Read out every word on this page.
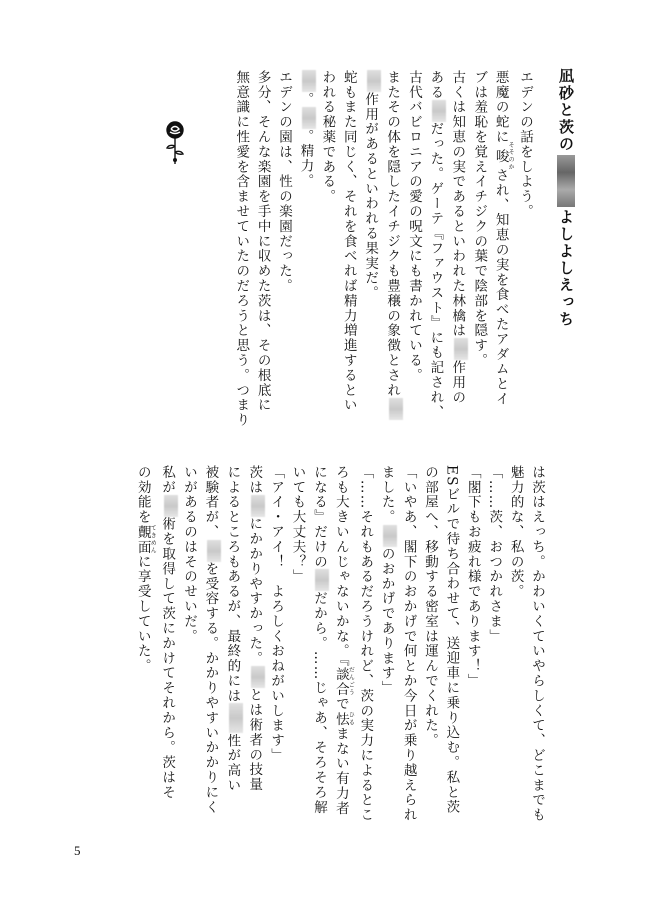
凪砂と茨のよしよしえっち
エデンの話をしよう。
悪魔の蛇に唆そそのかされ、知恵の実を食べたアダムとイ
ブは羞恥を覚えイチジクの葉で陰部を隠す。
古くは知恵の実であるといわれた林檎は作用の
あるだった。ゲーテ『ファウスト』にも記され、
古代バビロニアの愛の呪文にも書かれている。
またその体を隠したイチジクも豊穣の象徴とされ
作用があるといわれる果実だ。
蛇もまた同じく、それを食べれば精力増進するとい
われる秘薬である。
。。精力。
エデンの園は、性の楽園だった。
多分、そんな楽園を手中に収めた茨は、その根底に
無意識に性愛を含ませていたのだろうと思う。つまり
は茨はえっち。かわいくていやらしくて、どこまでも
魅力的な、私の茨。
「……茨、おつかれさま」
「閣下もお疲れ様であります！」
ESビルで待ち合わせて、送迎車に乗り込む。私と茨
の部屋へ、移動する密室は運んでくれた。
「いやあ、閣下のおかげで何とか今日が乗り越えられ
ました。のおかげであります」
「……それもあるだろうけれど、茨の実力によるとこ
ろも大きいんじゃないかな。『談合だんごうで怯ひるまない有力者
になる』だけのだから。……じゃあ、そろそろ解
いても大丈夫？」
「アイ・アイ！　よろしくおねがいします」
茨はにかかりやすかった。とは術者の技量
によるところもあるが、最終的には性が高い
被験者が、を受容する。かかりやすいかかりにく
いがあるのはそのせいだ。
私が術を取得して茨にかけてそれから。茨はそ
の効能を覿面てきめんに享受していた。
5
